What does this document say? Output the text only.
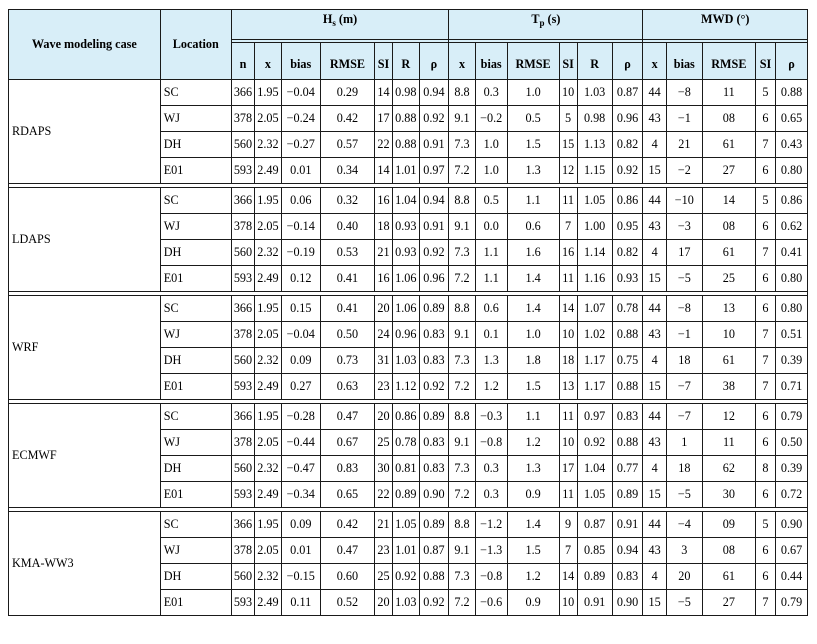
Wave modeling case	Location	$H_s$ (m)							$T_p$ (s)						MWD (°)				

		n	x	bias	RMSE	SI	R	ρ	x	bias	RMSE	SI	R	ρ	x	bias	RMSE	SI	ρ
RDAPS	SC	366	1.95	−0.04	0.29	14	0.98	0.94	8.8	0.3	1.0	10	1.03	0.87	44	−8	11	5	0.88
	WJ	378	2.05	−0.24	0.42	17	0.88	0.92	9.1	−0.2	0.5	5	0.98	0.96	43	−1	08	6	0.65
	DH	560	2.32	−0.27	0.57	22	0.88	0.91	7.3	1.0	1.5	15	1.13	0.82	4	21	61	7	0.43
	E01	593	2.49	0.01	0.34	14	1.01	0.97	7.2	1.0	1.3	12	1.15	0.92	15	−2	27	6	0.80

LDAPS	SC	366	1.95	0.06	0.32	16	1.04	0.94	8.8	0.5	1.1	11	1.05	0.86	44	−10	14	5	0.86
	WJ	378	2.05	−0.14	0.40	18	0.93	0.91	9.1	0.0	0.6	7	1.00	0.95	43	−3	08	6	0.62
	DH	560	2.32	−0.19	0.53	21	0.93	0.92	7.3	1.1	1.6	16	1.14	0.82	4	17	61	7	0.41
	E01	593	2.49	0.12	0.41	16	1.06	0.96	7.2	1.1	1.4	11	1.16	0.93	15	−5	25	6	0.80

WRF	SC	366	1.95	0.15	0.41	20	1.06	0.89	8.8	0.6	1.4	14	1.07	0.78	44	−8	13	6	0.80
	WJ	378	2.05	−0.04	0.50	24	0.96	0.83	9.1	0.1	1.0	10	1.02	0.88	43	−1	10	7	0.51
	DH	560	2.32	0.09	0.73	31	1.03	0.83	7.3	1.3	1.8	18	1.17	0.75	4	18	61	7	0.39
	E01	593	2.49	0.27	0.63	23	1.12	0.92	7.2	1.2	1.5	13	1.17	0.88	15	−7	38	7	0.71

ECMWF	SC	366	1.95	−0.28	0.47	20	0.86	0.89	8.8	−0.3	1.1	11	0.97	0.83	44	−7	12	6	0.79
	WJ	378	2.05	−0.44	0.67	25	0.78	0.83	9.1	−0.8	1.2	10	0.92	0.88	43	1	11	6	0.50
	DH	560	2.32	−0.47	0.83	30	0.81	0.83	7.3	0.3	1.3	17	1.04	0.77	4	18	62	8	0.39
	E01	593	2.49	−0.34	0.65	22	0.89	0.90	7.2	0.3	0.9	11	1.05	0.89	15	−5	30	6	0.72

KMA-WW3	SC	366	1.95	0.09	0.42	21	1.05	0.89	8.8	−1.2	1.4	9	0.87	0.91	44	−4	09	5	0.90
	WJ	378	2.05	0.01	0.47	23	1.01	0.87	9.1	−1.3	1.5	7	0.85	0.94	43	3	08	6	0.67
	DH	560	2.32	−0.15	0.60	25	0.92	0.88	7.3	−0.8	1.2	14	0.89	0.83	4	20	61	6	0.44
	E01	593	2.49	0.11	0.52	20	1.03	0.92	7.2	−0.6	0.9	10	0.91	0.90	15	−5	27	7	0.79
